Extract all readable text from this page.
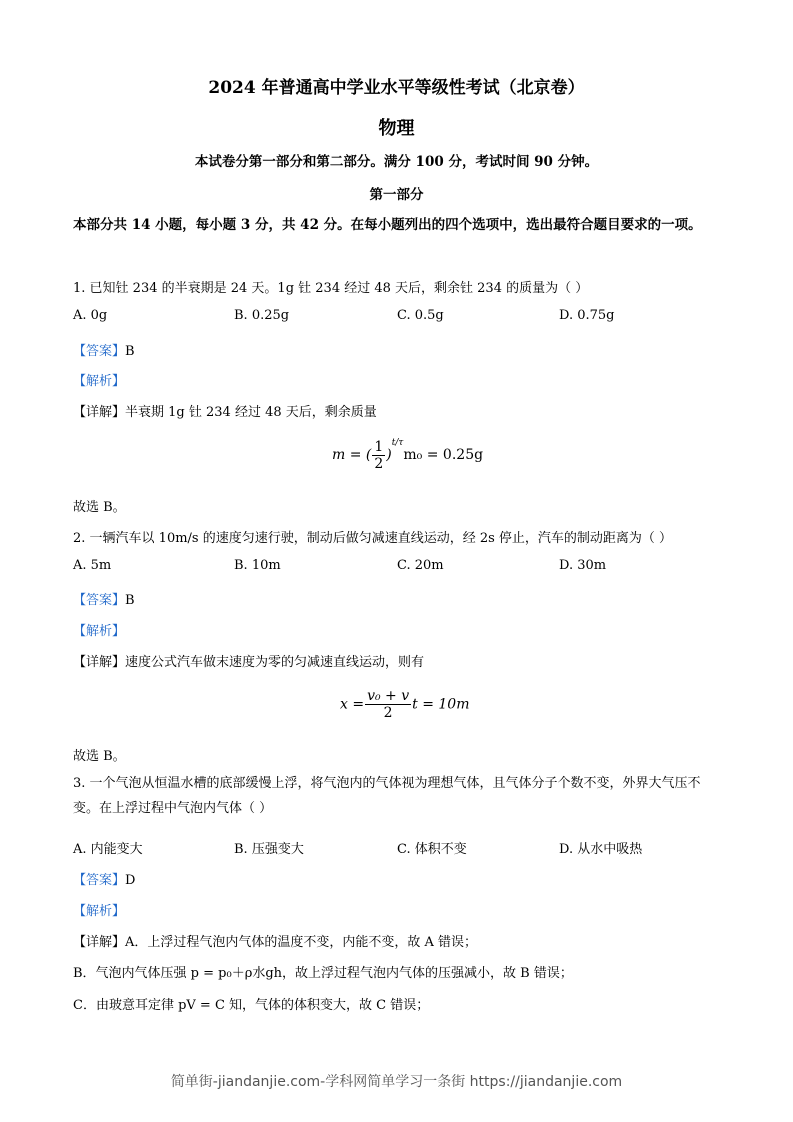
2024 年普通高中学业水平等级性考试（北京卷）
物理
本试卷分第一部分和第二部分。满分 100 分，考试时间 90 分钟。
第一部分
本部分共 14 小题，每小题 3 分，共 42 分。在每小题列出的四个选项中，选出最符合题目要求的一项。
1. 已知钍 234 的半衰期是 24 天。1g 钍 234 经过 48 天后，剩余钍 234 的质量为（ ）
A. 0g	B. 0.25g	C. 0.5g	D. 0.75g
【答案】B
【解析】
【详解】半衰期 1g 钍 234 经过 48 天后，剩余质量
m = ( $\frac{1}{2} )^{t/\tau}m_0 = 0.25g$
故选 B。
2. 一辆汽车以 10m/s 的速度匀速行驶，制动后做匀减速直线运动，经 2s 停止，汽车的制动距离为（ ）
A. 5m	B. 10m	C. 20m	D. 30m
【答案】B
【解析】
【详解】速度公式汽车做末速度为零的匀减速直线运动，则有
$x = \frac{\text{v₀ + v}}{2}$ t = 10m
故选 B。
3. 一个气泡从恒温水槽的底部缓慢上浮，将气泡内的气体视为理想气体，且气体分子个数不变，外界大气压不变。在上浮过程中气泡内气体（ ）
A. 内能变大	B. 压强变大	C. 体积不变	D. 从水中吸热
【答案】D
【解析】
【详解】A．上浮过程气泡内气体的温度不变，内能不变，故 A 错误；
B．气泡内气体压强 p = p₀＋ρ水gh，故上浮过程气泡内气体的压强减小，故 B 错误；
C．由玻意耳定律 pV = C 知，气体的体积变大，故 C 错误；
简单街-jiandanjie.com-学科网简单学习一条街 https://jiandanjie.com
